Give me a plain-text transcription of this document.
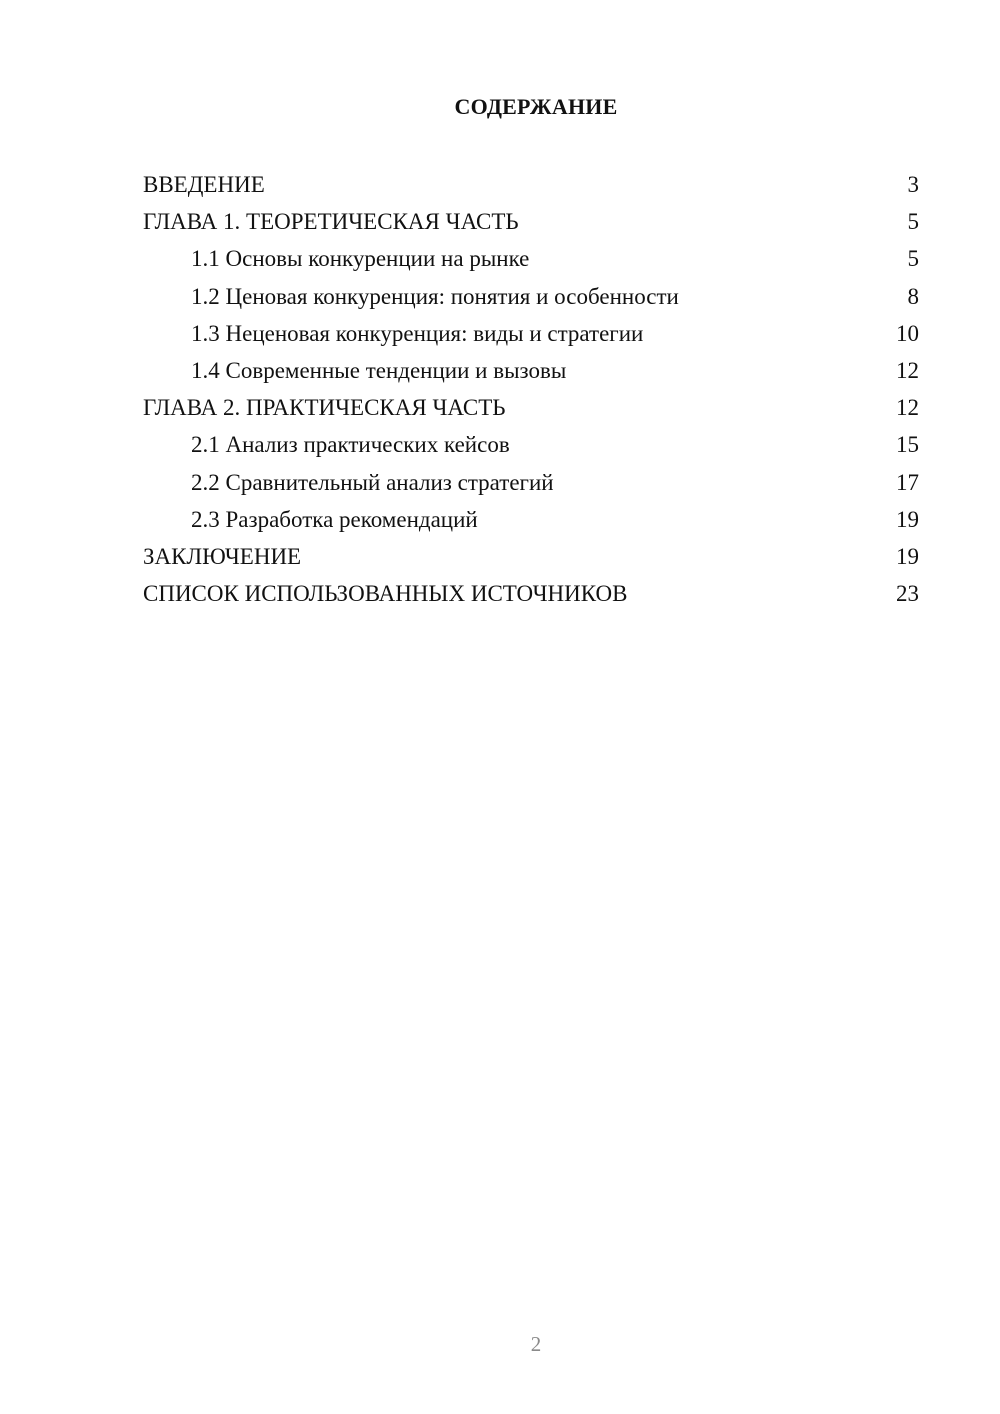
СОДЕРЖАНИЕ
ВВЕДЕНИЕ	3
ГЛАВА 1. ТЕОРЕТИЧЕСКАЯ ЧАСТЬ	5
1.1 Основы конкуренции на рынке	5
1.2 Ценовая конкуренция: понятия и особенности	8
1.3 Неценовая конкуренция: виды и стратегии	10
1.4 Современные тенденции и вызовы	12
ГЛАВА 2. ПРАКТИЧЕСКАЯ ЧАСТЬ	12
2.1 Анализ практических кейсов	15
2.2 Сравнительный анализ стратегий	17
2.3 Разработка рекомендаций	19
ЗАКЛЮЧЕНИЕ	19
СПИСОК ИСПОЛЬЗОВАННЫХ ИСТОЧНИКОВ	23
2
